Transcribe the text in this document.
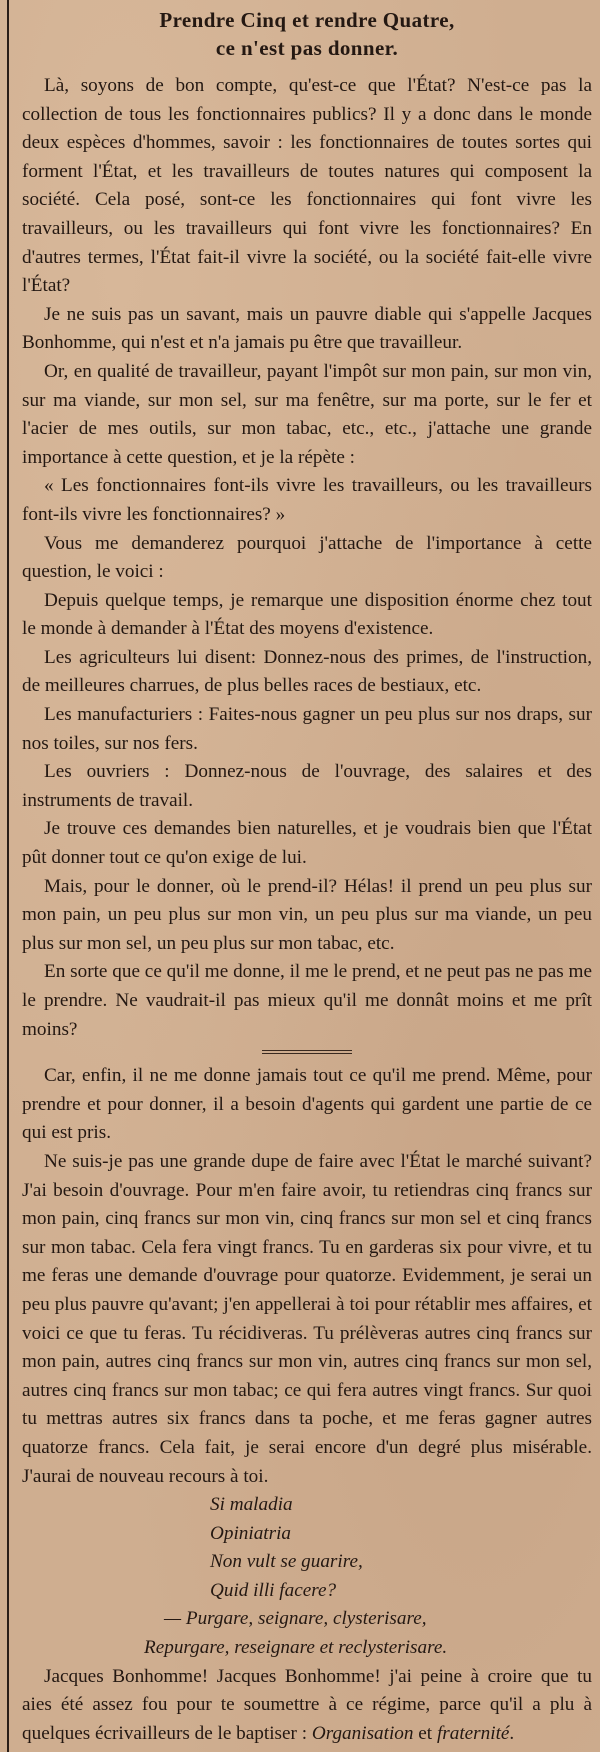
Prendre Cinq et rendre Quatre,
ce n'est pas donner.

Là, soyons de bon compte, qu'est-ce que l'État? N'est-ce pas la collection de tous les fonctionnaires publics? Il y a donc dans le monde deux espèces d'hommes, savoir : les fonctionnaires de toutes sortes qui forment l'État, et les travailleurs de toutes natures qui composent la société. Cela posé, sont-ce les fonctionnaires qui font vivre les travailleurs, ou les travailleurs qui font vivre les fonctionnaires? En d'autres termes, l'État fait-il vivre la société, ou la société fait-elle vivre l'État?

Je ne suis pas un savant, mais un pauvre diable qui s'appelle Jacques Bonhomme, qui n'est et n'a jamais pu être que travailleur.

Or, en qualité de travailleur, payant l'impôt sur mon pain, sur mon vin, sur ma viande, sur mon sel, sur ma fenêtre, sur ma porte, sur le fer et l'acier de mes outils, sur mon tabac, etc., etc., j'attache une grande importance à cette question, et je la répète :

« Les fonctionnaires font-ils vivre les travailleurs, ou les travailleurs font-ils vivre les fonctionnaires? »

Vous me demanderez pourquoi j'attache de l'importance à cette question, le voici :

Depuis quelque temps, je remarque une disposition énorme chez tout le monde à demander à l'État des moyens d'existence.

Les agriculteurs lui disent: Donnez-nous des primes, de l'instruction, de meilleures charrues, de plus belles races de bestiaux, etc.

Les manufacturiers : Faites-nous gagner un peu plus sur nos draps, sur nos toiles, sur nos fers.

Les ouvriers : Donnez-nous de l'ouvrage, des salaires et des instruments de travail.

Je trouve ces demandes bien naturelles, et je voudrais bien que l'État pût donner tout ce qu'on exige de lui.

Mais, pour le donner, où le prend-il? Hélas! il prend un peu plus sur mon pain, un peu plus sur mon vin, un peu plus sur ma viande, un peu plus sur mon sel, un peu plus sur mon tabac, etc.

En sorte que ce qu'il me donne, il me le prend, et ne peut pas ne pas me le prendre. Ne vaudrait-il pas mieux qu'il me donnât moins et me prît moins?

Car, enfin, il ne me donne jamais tout ce qu'il me prend. Même, pour prendre et pour donner, il a besoin d'agents qui gardent une partie de ce qui est pris.

Ne suis-je pas une grande dupe de faire avec l'État le marché suivant? J'ai besoin d'ouvrage. Pour m'en faire avoir, tu retiendras cinq francs sur mon pain, cinq francs sur mon vin, cinq francs sur mon sel et cinq francs sur mon tabac. Cela fera vingt francs. Tu en garderas six pour vivre, et tu me feras une demande d'ouvrage pour quatorze. Evidemment, je serai un peu plus pauvre qu'avant; j'en appellerai à toi pour rétablir mes affaires, et voici ce que tu feras. Tu récidiveras. Tu prélèveras autres cinq francs sur mon pain, autres cinq francs sur mon vin, autres cinq francs sur mon sel, autres cinq francs sur mon tabac; ce qui fera autres vingt francs. Sur quoi tu mettras autres six francs dans ta poche, et me feras gagner autres quatorze francs. Cela fait, je serai encore d'un degré plus misérable. J'aurai de nouveau recours à toi.

Si maladia
Opiniatria
Non vult se guarire,
Quid illi facere?
— Purgare, seignare, clysterisare,
Repurgare, reseignare et reclysterisare.

Jacques Bonhomme! Jacques Bonhomme! j'ai peine à croire que tu aies été assez fou pour te soumettre à ce régime, parce qu'il a plu à quelques écrivailleurs de le baptiser : Organisation et fraternité.
